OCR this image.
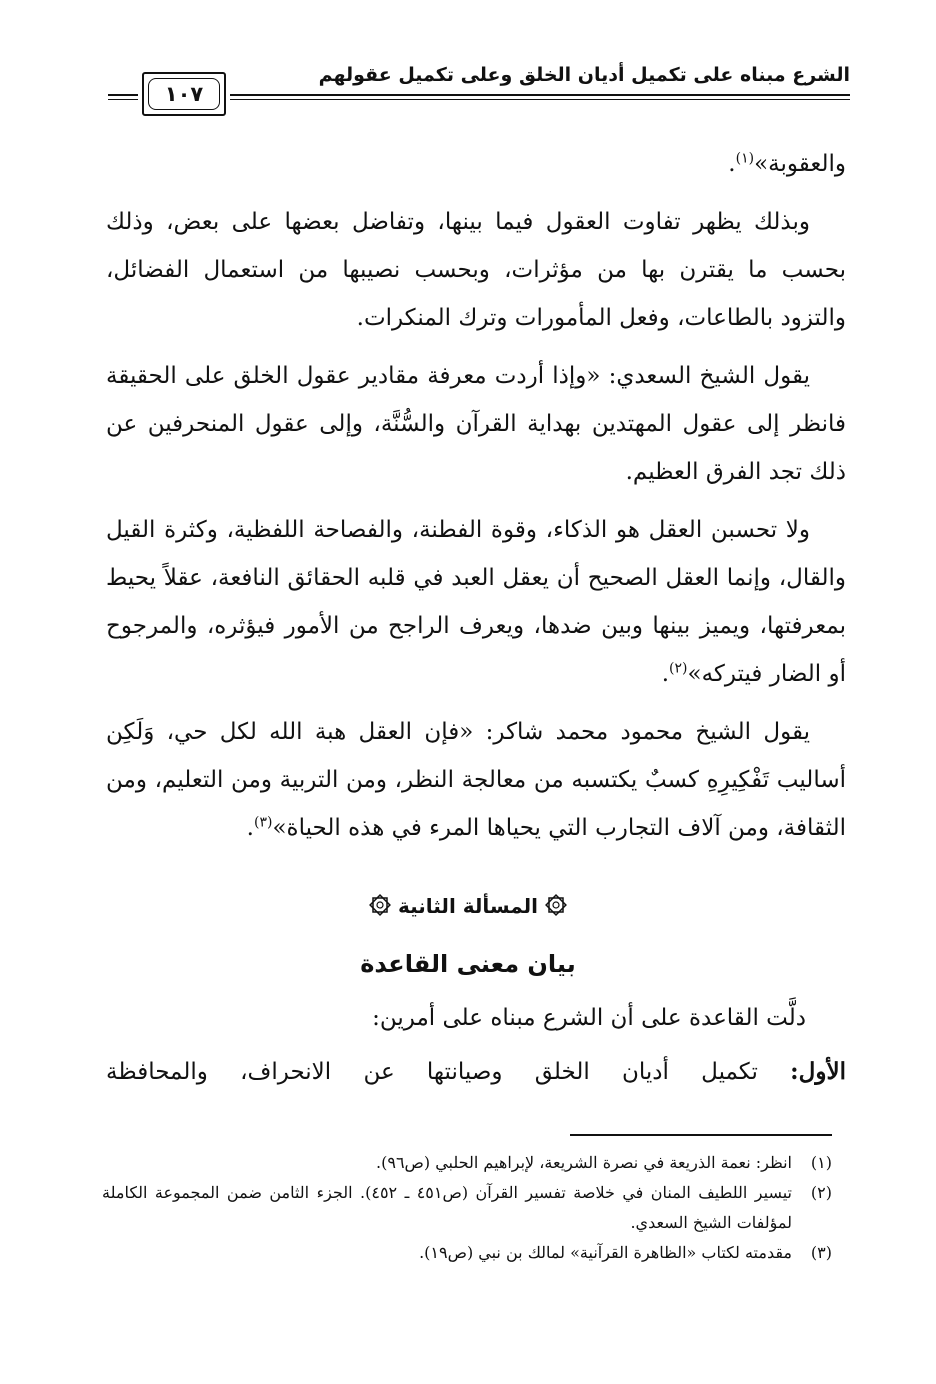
الشرع مبناه على تكميل أديان الخلق وعلى تكميل عقولهم
١٠٧

والعقوبة»$^{(١)}$.

وبذلك يظهر تفاوت العقول فيما بينها، وتفاضل بعضها على بعض، وذلك بحسب ما يقترن بها من مؤثرات، وبحسب نصيبها من استعمال الفضائل، والتزود بالطاعات، وفعل المأمورات وترك المنكرات.

يقول الشيخ السعدي: «وإذا أردت معرفة مقادير عقول الخلق على الحقيقة فانظر إلى عقول المهتدين بهداية القرآن والسُّنَّة، وإلى عقول المنحرفين عن ذلك تجد الفرق العظيم.

ولا تحسبن العقل هو الذكاء، وقوة الفطنة، والفصاحة اللفظية، وكثرة القيل والقال، وإنما العقل الصحيح أن يعقل العبد في قلبه الحقائق النافعة، عقلاً يحيط بمعرفتها، ويميز بينها وبين ضدها، ويعرف الراجح من الأمور فيؤثره، والمرجوح أو الضار فيتركه»$^{(٢)}$.

يقول الشيخ محمود محمد شاكر: «فإن العقل هبة الله لكل حي، وَلَكِن أساليب تَفْكِيرِهِ كسبٌ يكتسبه من معالجة النظر، ومن التربية ومن التعليم، ومن الثقافة، ومن آلاف التجارب التي يحياها المرء في هذه الحياة»$^{(٣)}$.

المسألة الثانية
بيان معنى القاعدة
دلَّت القاعدة على أن الشرع مبناه على أمرين:
الأول: تكميل أديان الخلق وصيانتها عن الانحراف، والمحافظة
(١)
انظر: نعمة الذريعة في نصرة الشريعة، لإبراهيم الحلبي (ص٩٦).
(٢)
تيسير اللطيف المنان في خلاصة تفسير القرآن (ص٤٥١ ـ ٤٥٢). الجزء الثامن ضمن المجموعة الكاملة لمؤلفات الشيخ السعدي.
(٣)
مقدمته لكتاب «الظاهرة القرآنية» لمالك بن نبي (ص١٩).
